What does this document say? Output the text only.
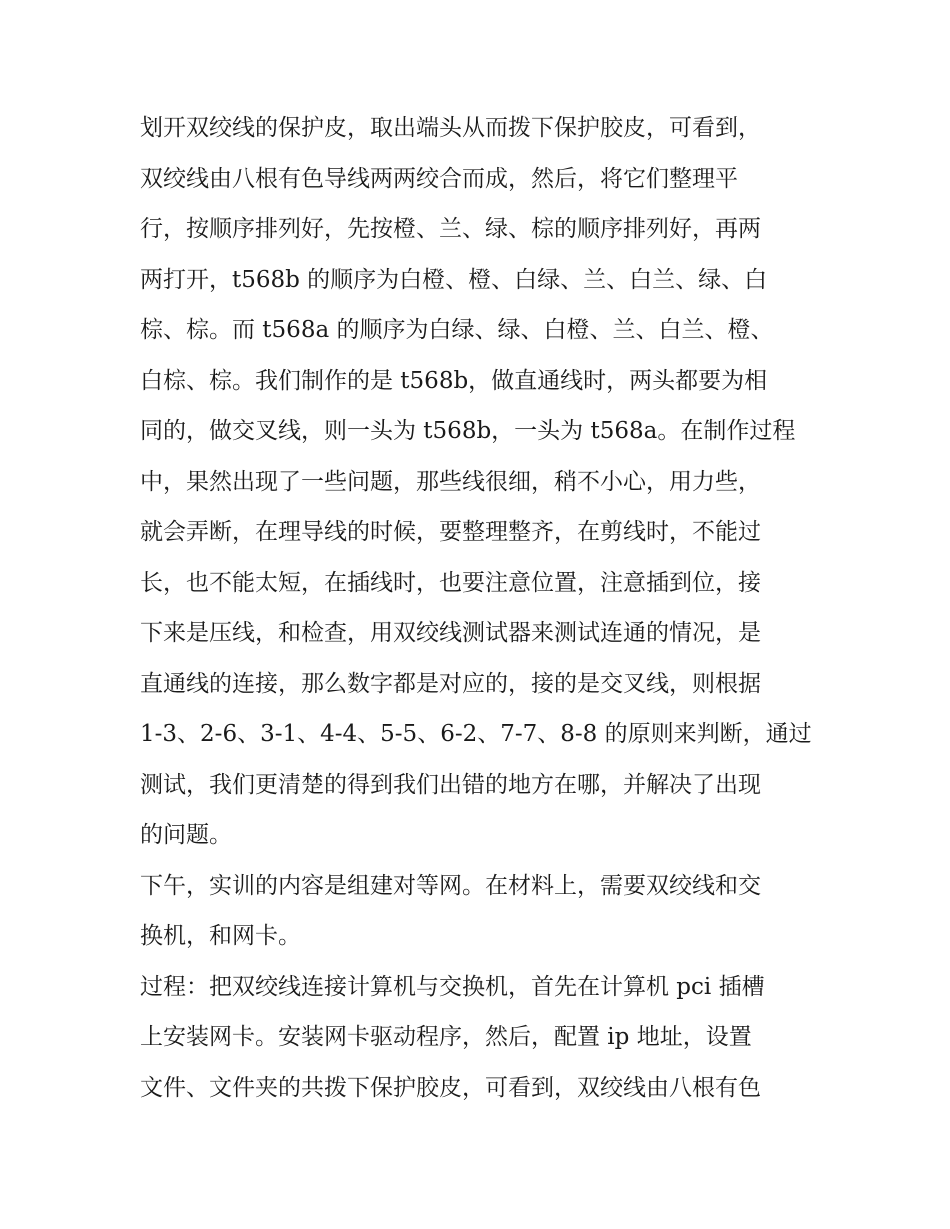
划开双绞线的保护皮，取出端头从而拨下保护胶皮，可看到，
双绞线由八根有色导线两两绞合而成，然后，将它们整理平
行，按顺序排列好，先按橙、兰、绿、棕的顺序排列好，再两
两打开，t568b 的顺序为白橙、橙、白绿、兰、白兰、绿、白
棕、棕。而 t568a 的顺序为白绿、绿、白橙、兰、白兰、橙、
白棕、棕。我们制作的是 t568b，做直通线时，两头都要为相
同的，做交叉线，则一头为 t568b，一头为 t568a。在制作过程
中，果然出现了一些问题，那些线很细，稍不小心，用力些，
就会弄断，在理导线的时候，要整理整齐，在剪线时，不能过
长，也不能太短，在插线时，也要注意位置，注意插到位，接
下来是压线，和检查，用双绞线测试器来测试连通的情况，是
直通线的连接，那么数字都是对应的，接的是交叉线，则根据
1-3、2-6、3-1、4-4、5-5、6-2、7-7、8-8 的原则来判断，通过
测试，我们更清楚的得到我们出错的地方在哪，并解决了出现
的问题。
下午，实训的内容是组建对等网。在材料上，需要双绞线和交
换机，和网卡。
过程：把双绞线连接计算机与交换机，首先在计算机 pci 插槽
上安装网卡。安装网卡驱动程序，然后，配置 ip 地址，设置
文件、文件夹的共拨下保护胶皮，可看到，双绞线由八根有色
